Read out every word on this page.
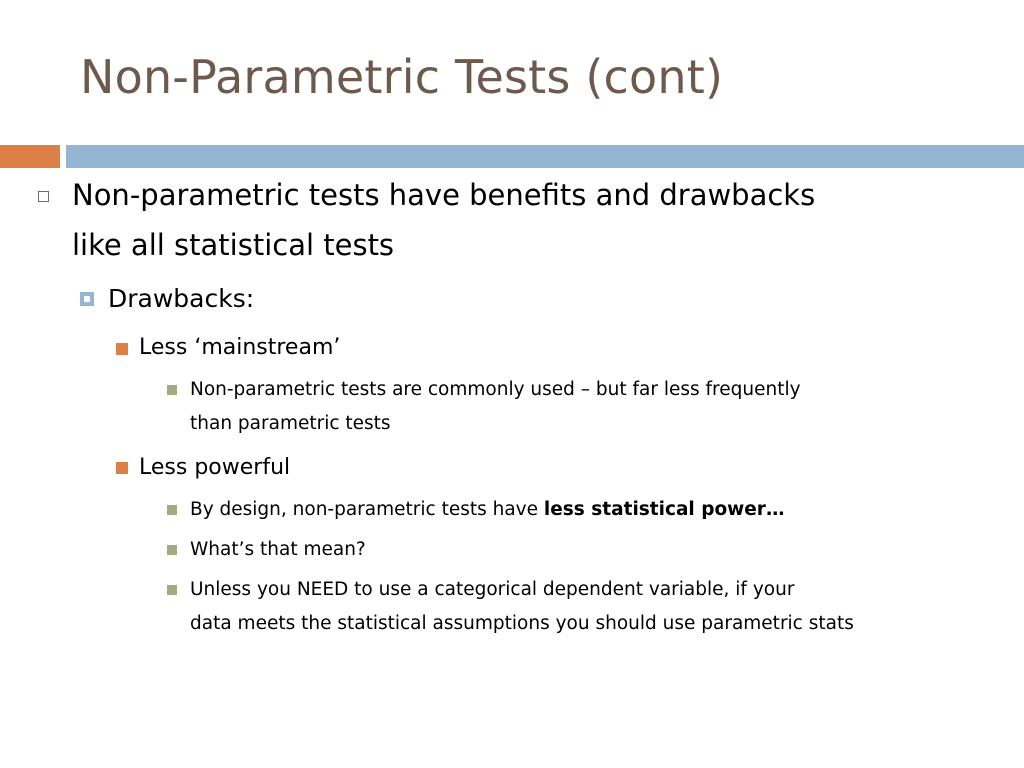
Non-Parametric Tests (cont)
Non-parametric tests have benefits and drawbacks
like all statistical tests
Drawbacks:
Less ‘mainstream’
Non-parametric tests are commonly used – but far less frequently
than parametric tests
Less powerful
By design, non-parametric tests have less statistical power…
What’s that mean?
Unless you NEED to use a categorical dependent variable, if your
data meets the statistical assumptions you should use parametric stats
